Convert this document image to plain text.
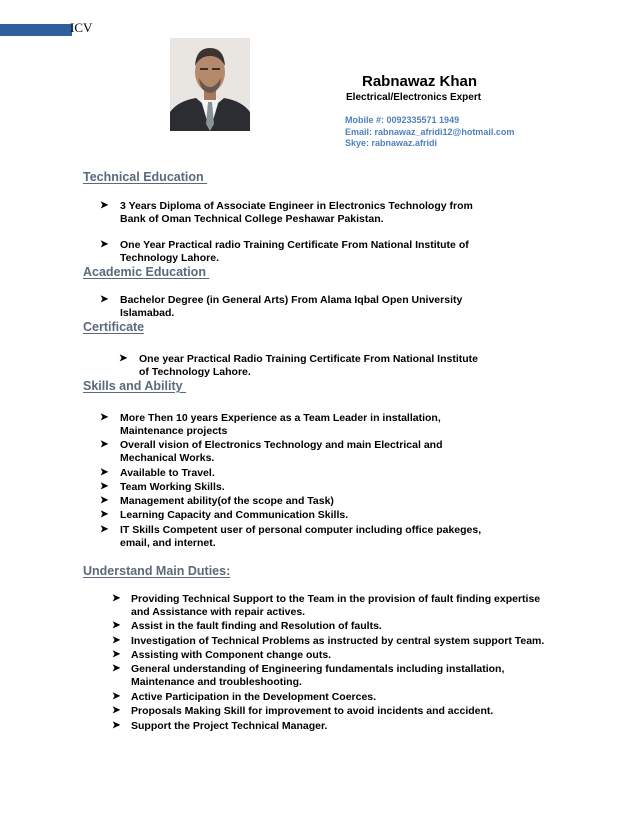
ICV
Rabnawaz Khan
Electrical/Electronics Expert
Mobile #: 0092335571 1949
Email: rabnawaz_afridi12@hotmail.com
Skye: rabnawaz.afridi
Technical Education
➤ 3 Years Diploma of Associate Engineer in Electronics Technology from
Bank of Oman Technical College Peshawar Pakistan.
➤ One Year Practical radio Training Certificate From National Institute of
Technology Lahore.
Academic Education
➤ Bachelor Degree (in General Arts) From Alama Iqbal Open University
Islamabad.
Certificate
➤ One year Practical Radio Training Certificate From National Institute
of Technology Lahore.
Skills and Ability
➤ More Then 10 years Experience as a Team Leader in installation,
Maintenance projects
➤ Overall vision of Electronics Technology and main Electrical and
Mechanical Works.
➤ Available to Travel.
➤ Team Working Skills.
➤ Management ability(of the scope and Task)
➤ Learning Capacity and Communication Skills.
➤ IT Skills Competent user of personal computer including office pakeges,
email, and internet.
Understand Main Duties:
➤ Providing Technical Support to the Team in the provision of fault finding expertise
and Assistance with repair actives.
➤ Assist in the fault finding and Resolution of faults.
➤ Investigation of Technical Problems as instructed by central system support Team.
➤ Assisting with Component change outs.
➤ General understanding of Engineering fundamentals including installation,
Maintenance and troubleshooting.
➤ Active Participation in the Development Coerces.
➤ Proposals Making Skill for improvement to avoid incidents and accident.
➤ Support the Project Technical Manager.
